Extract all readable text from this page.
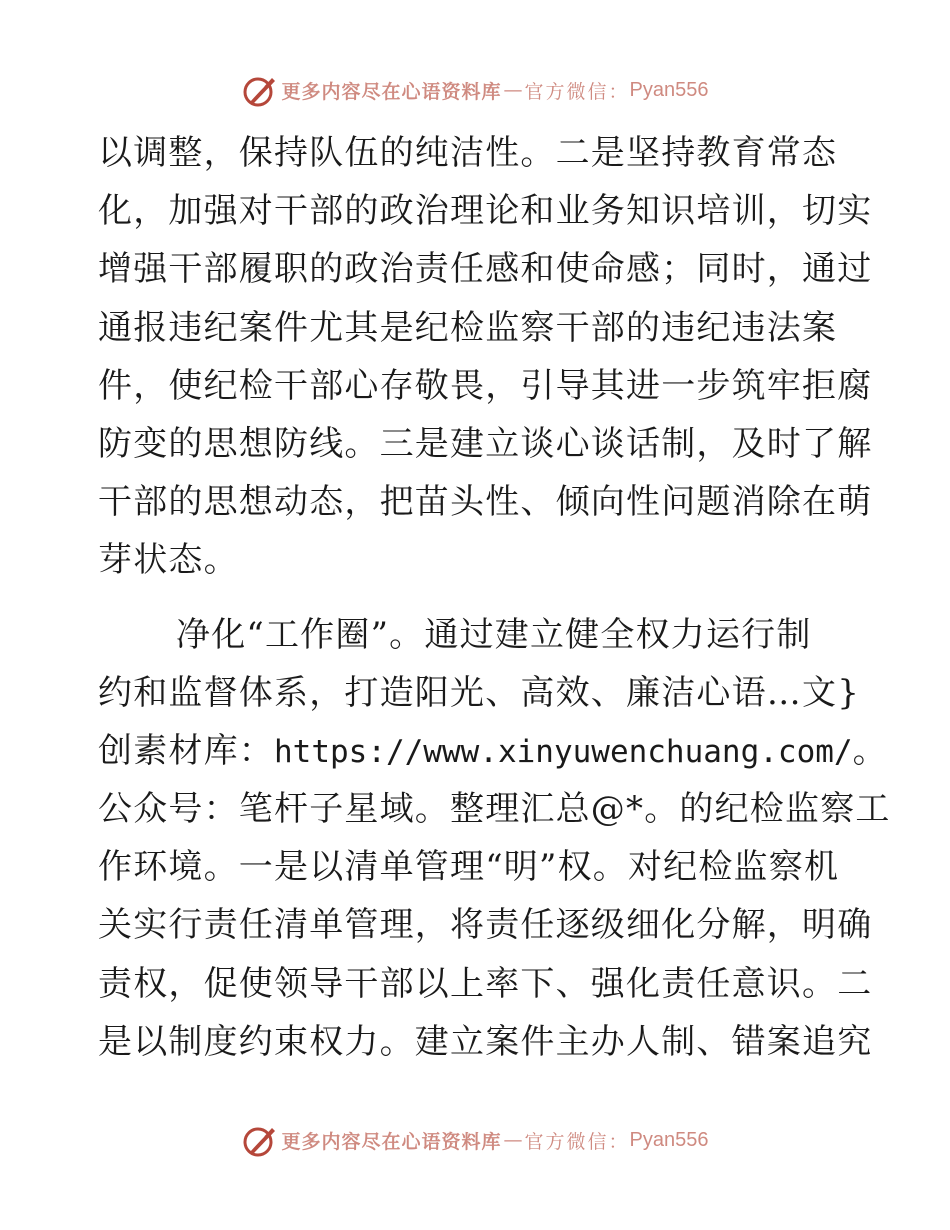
更多内容尽在心语资料库 — 官方微信： Pyan556
以调整，保持队伍的纯洁性。二是坚持教育常态
化，加强对干部的政治理论和业务知识培训，切实
增强干部履职的政治责任感和使命感；同时，通过
通报违纪案件尤其是纪检监察干部的违纪违法案
件，使纪检干部心存敬畏，引导其进一步筑牢拒腐
防变的思想防线。三是建立谈心谈话制，及时了解
干部的思想动态，把苗头性、倾向性问题消除在萌
芽状态。
净化“工作圈”。通过建立健全权力运行制
约和监督体系，打造阳光、高效、廉洁心语…文}
创素材库：https://www.xinyuwenchuang.com/。
公众号：笔杆子星域。整理汇总@*。的纪检监察工
作环境。一是以清单管理“明”权。对纪检监察机
关实行责任清单管理，将责任逐级细化分解，明确
责权，促使领导干部以上率下、强化责任意识。二
是以制度约束权力。建立案件主办人制、错案追究
更多内容尽在心语资料库 — 官方微信： Pyan556
